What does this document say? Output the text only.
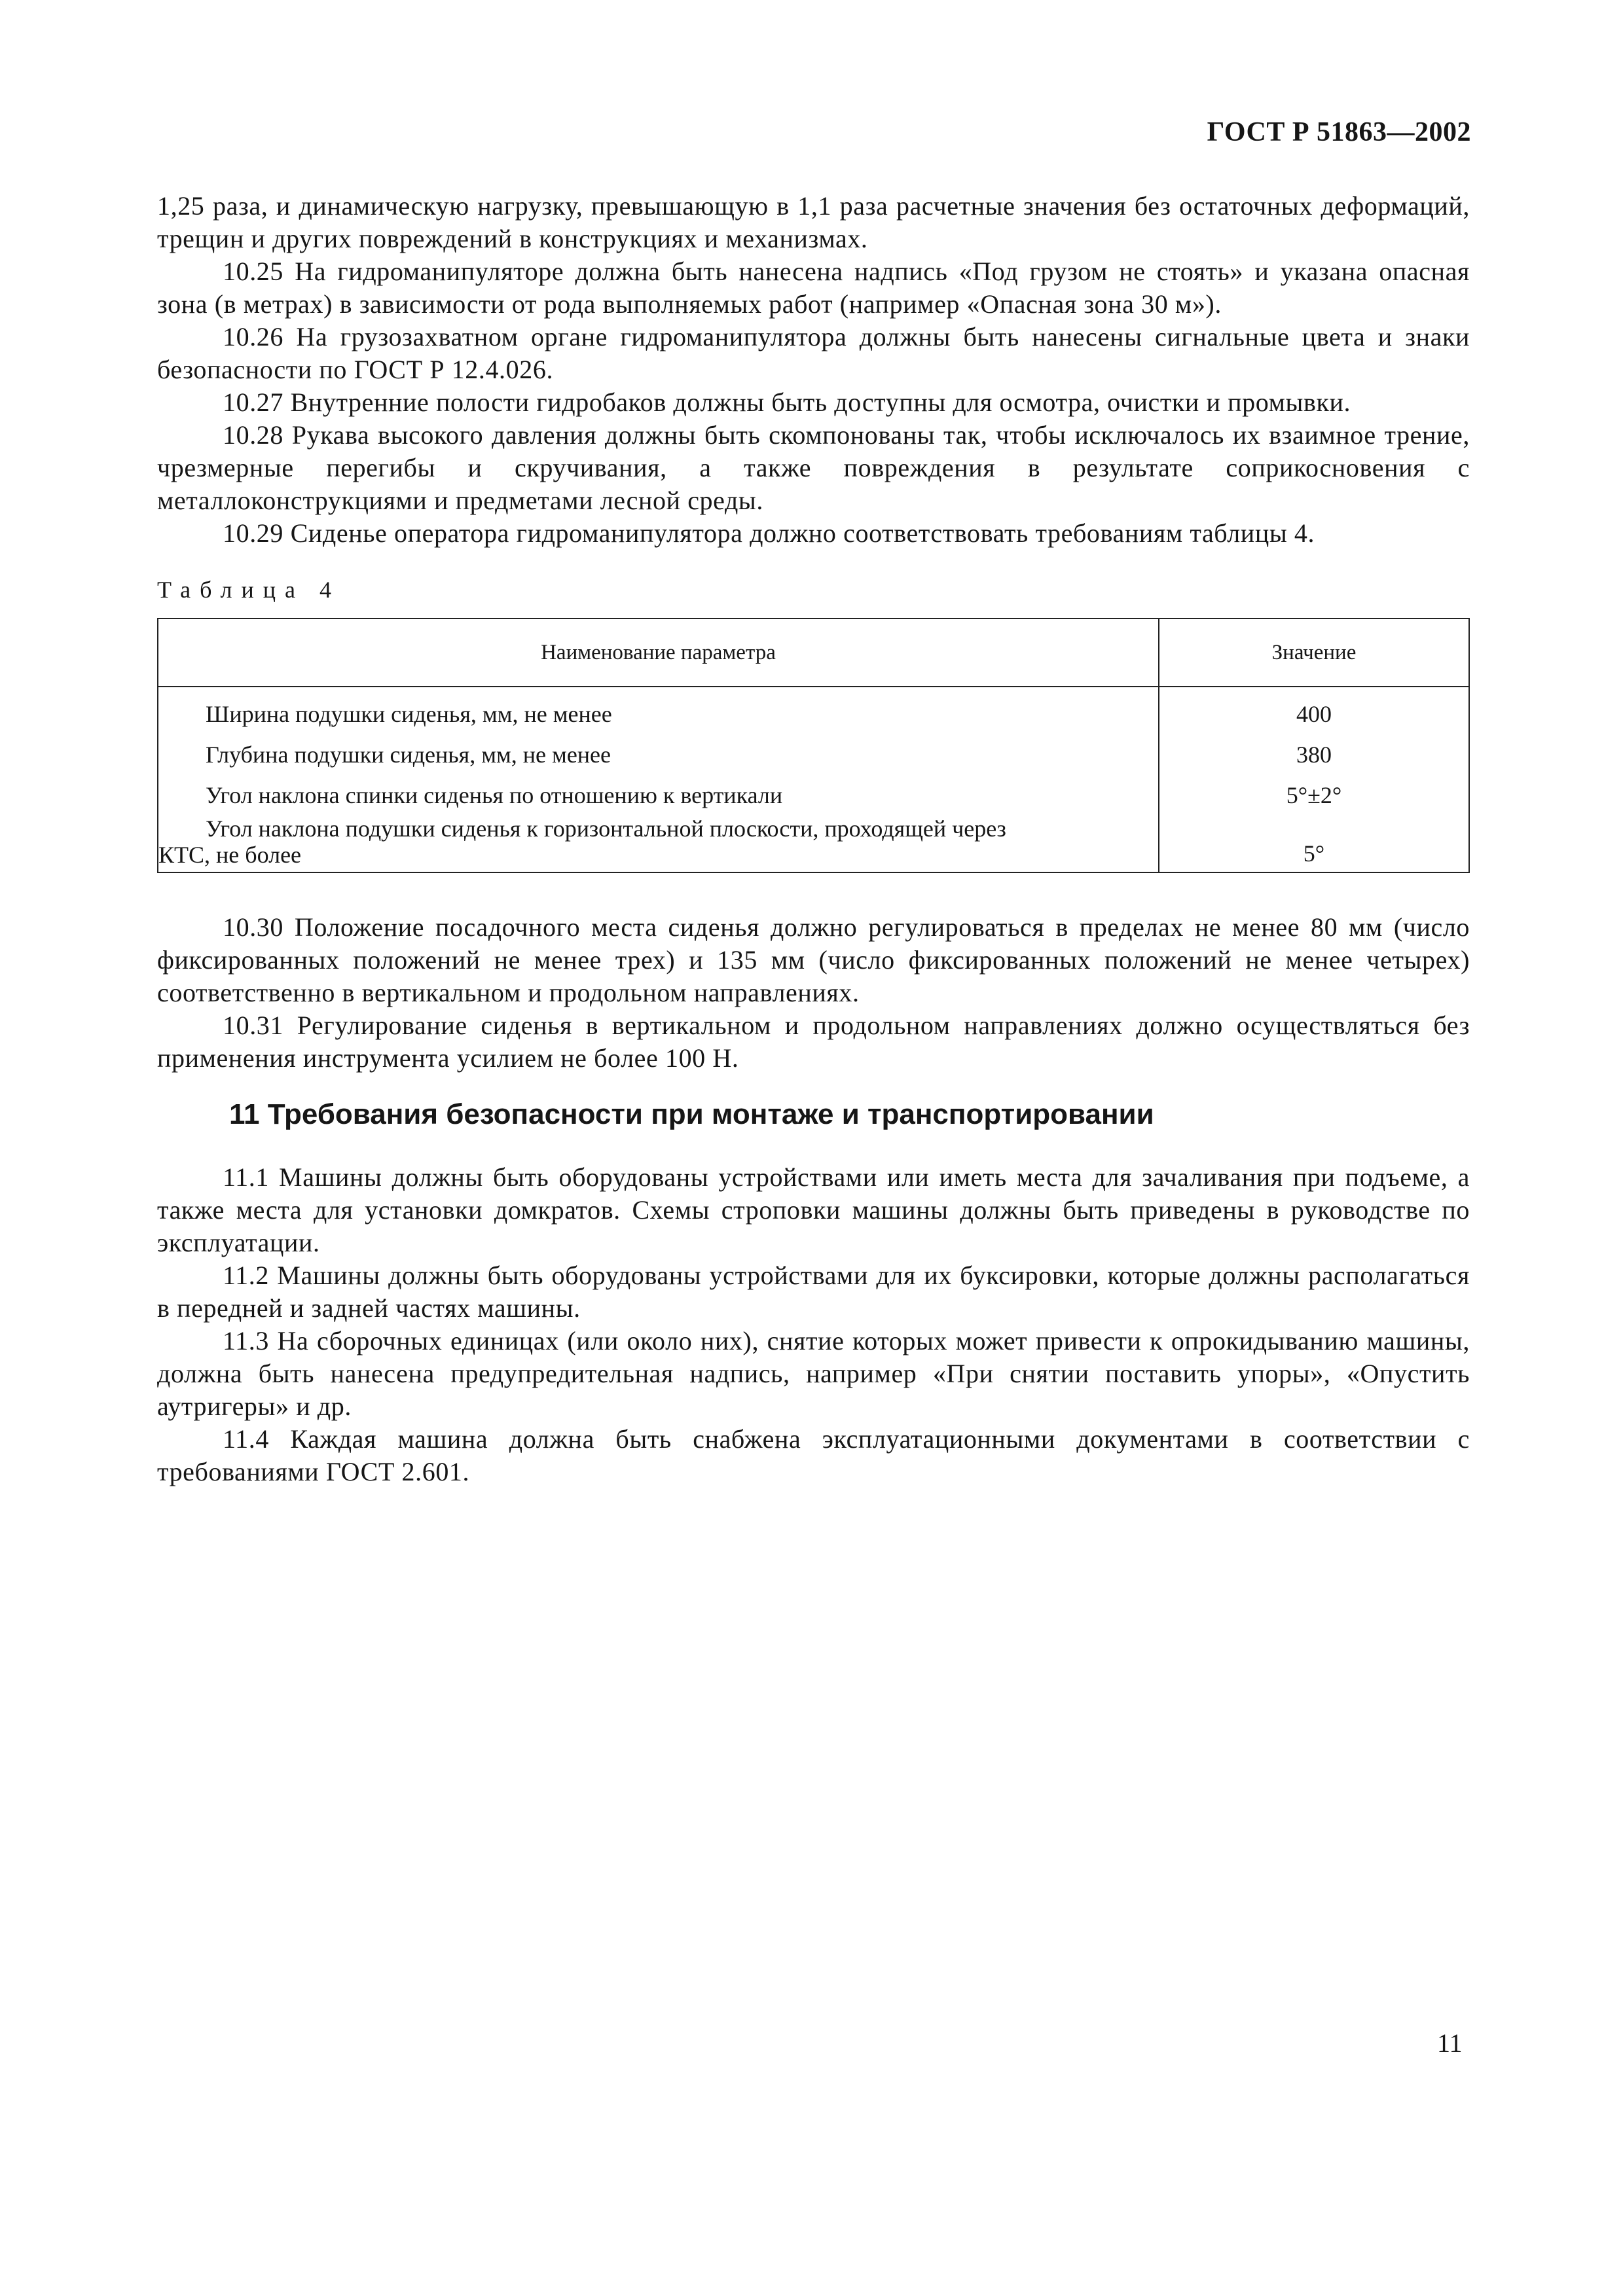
ГОСТ Р 51863—2002

1,25 раза, и динамическую нагрузку, превышающую в 1,1 раза расчетные значения без остаточных деформаций, трещин и других повреждений в конструкциях и механизмах.

10.25 На гидроманипуляторе должна быть нанесена надпись «Под грузом не стоять» и указана опасная зона (в метрах) в зависимости от рода выполняемых работ (например «Опасная зона 30 м»).

10.26 На грузозахватном органе гидроманипулятора должны быть нанесены сигнальные цвета и знаки безопасности по ГОСТ Р 12.4.026.

10.27 Внутренние полости гидробаков должны быть доступны для осмотра, очистки и промывки.

10.28 Рукава высокого давления должны быть скомпонованы так, чтобы исключалось их взаимное трение, чрезмерные перегибы и скручивания, а также повреждения в результате соприкосновения с металлоконструкциями и предметами лесной среды.

10.29 Сиденье оператора гидроманипулятора должно соответствовать требованиям таблицы 4.

Таблица 4
Наименование параметра	Значение
Ширина подушки сиденья, мм, не менее	400
Глубина подушки сиденья, мм, не менее	380
Угол наклона спинки сиденья по отношению к вертикали	5°±2°

Угол наклона подушки сиденья к горизонтальной плоскости, проходящей через
КТС, не более	5°

10.30 Положение посадочного места сиденья должно регулироваться в пределах не менее 80 мм (число фиксированных положений не менее трех) и 135 мм (число фиксированных положений не менее четырех) соответственно в вертикальном и продольном направлениях.

10.31 Регулирование сиденья в вертикальном и продольном направлениях должно осуществляться без применения инструмента усилием не более 100 Н.

11 Требования безопасности при монтаже и транспортировании

11.1 Машины должны быть оборудованы устройствами или иметь места для зачаливания при подъеме, а также места для установки домкратов. Схемы строповки машины должны быть приведены в руководстве по эксплуатации.

11.2 Машины должны быть оборудованы устройствами для их буксировки, которые должны располагаться в передней и задней частях машины.

11.3 На сборочных единицах (или около них), снятие которых может привести к опрокидыванию машины, должна быть нанесена предупредительная надпись, например «При снятии поставить упоры», «Опустить аутригеры» и др.

11.4 Каждая машина должна быть снабжена эксплуатационными документами в соответствии с требованиями ГОСТ 2.601.

11
